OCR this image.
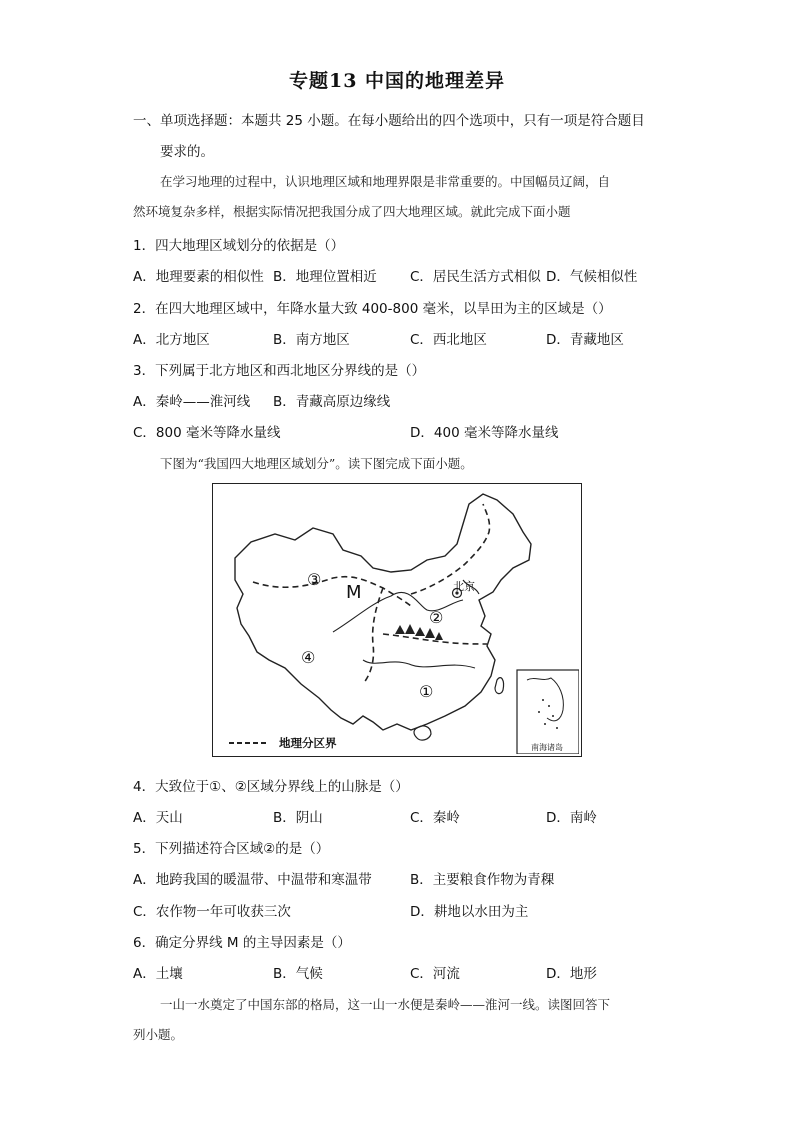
专题13 中国的地理差异
一、单项选择题：本题共 25 小题。在每小题给出的四个选项中，只有一项是符合题目
要求的。
在学习地理的过程中，认识地理区域和地理界限是非常重要的。中国幅员辽阔，自
然环境复杂多样，根据实际情况把我国分成了四大地理区域。就此完成下面小题
1．四大地理区域划分的依据是（）
A．地理要素的相似性 B．地理位置相近 C．居民生活方式相似 D．气候相似性
2．在四大地理区域中，年降水量大致 400-800 毫米，以旱田为主的区域是（）
A．北方地区	B．南方地区	C．西北地区	D．青藏地区
3．下列属于北方地区和西北地区分界线的是（）
A．秦岭——淮河线 B．青藏高原边缘线
C．800 毫米等降水量线	D．400 毫米等降水量线
下图为“我国四大地理区域划分”。读下图完成下面小题。
③
M	北京
②
④
①
地理分区界	南海诸岛
4．大致位于①、②区域分界线上的山脉是（）
A．天山	B．阴山	C．秦岭	D．南岭
5．下列描述符合区域②的是（）
A．地跨我国的暖温带、中温带和寒温带	B．主要粮食作物为青稞
C．农作物一年可收获三次	D．耕地以水田为主
6．确定分界线 M 的主导因素是（）
A．土壤	B．气候	C．河流	D．地形
一山一水奠定了中国东部的格局，这一山一水便是秦岭——淮河一线。读图回答下
列小题。
